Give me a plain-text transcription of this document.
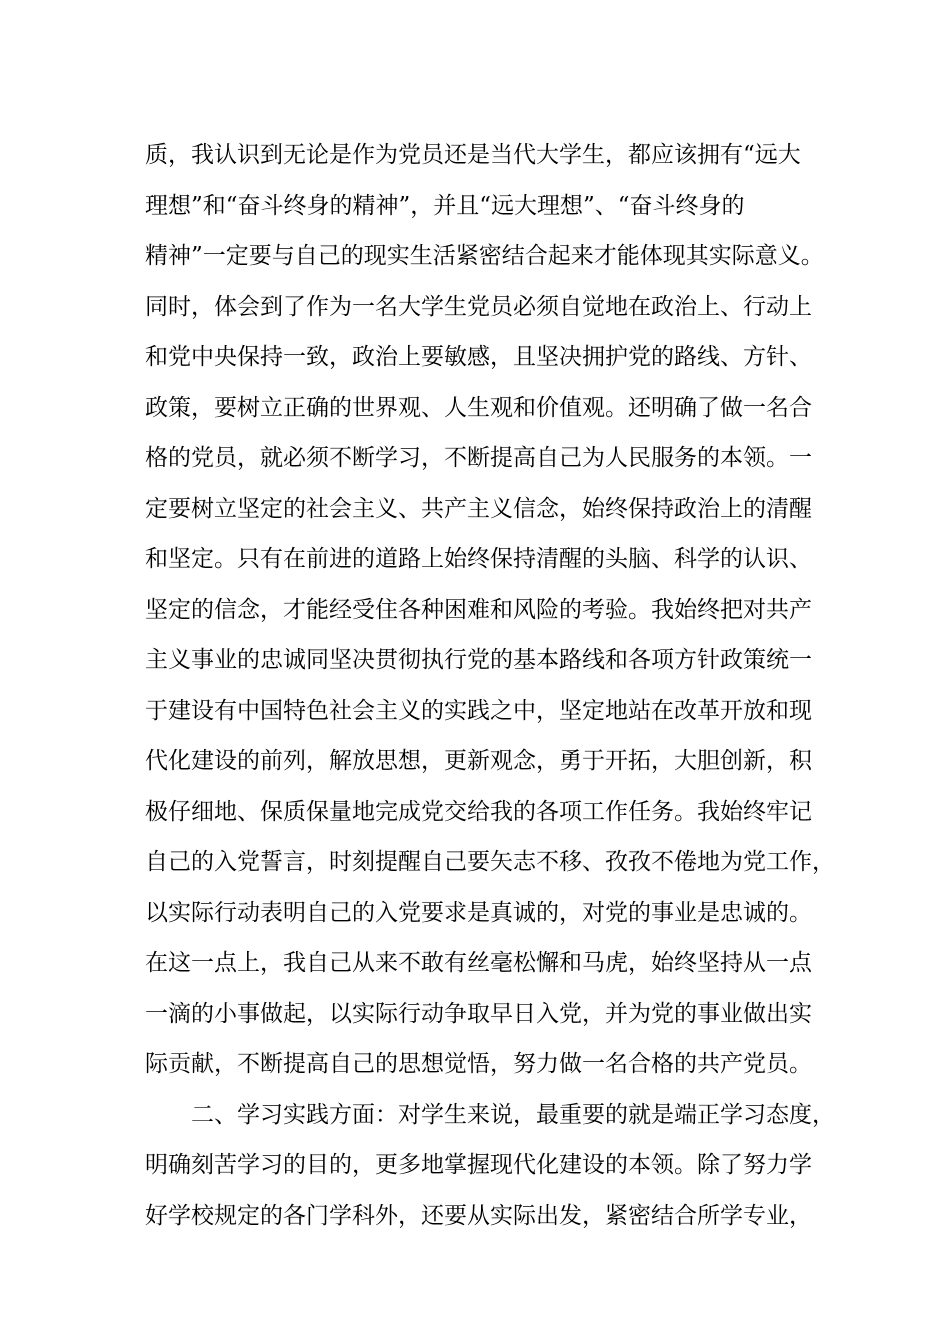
质，我认识到无论是作为党员还是当代大学生，都应该拥有“远大
理想”和“奋斗终身的精神”，并且“远大理想”、“奋斗终身的
精神”一定要与自己的现实生活紧密结合起来才能体现其实际意义。
同时，体会到了作为一名大学生党员必须自觉地在政治上、行动上
和党中央保持一致，政治上要敏感，且坚决拥护党的路线、方针、
政策，要树立正确的世界观、人生观和价值观。还明确了做一名合
格的党员，就必须不断学习，不断提高自己为人民服务的本领。一
定要树立坚定的社会主义、共产主义信念，始终保持政治上的清醒
和坚定。只有在前进的道路上始终保持清醒的头脑、科学的认识、
坚定的信念，才能经受住各种困难和风险的考验。我始终把对共产
主义事业的忠诚同坚决贯彻执行党的基本路线和各项方针政策统一
于建设有中国特色社会主义的实践之中，坚定地站在改革开放和现
代化建设的前列，解放思想，更新观念，勇于开拓，大胆创新，积
极仔细地、保质保量地完成党交给我的各项工作任务。我始终牢记
自己的入党誓言，时刻提醒自己要矢志不移、孜孜不倦地为党工作，
以实际行动表明自己的入党要求是真诚的，对党的事业是忠诚的。
在这一点上，我自己从来不敢有丝毫松懈和马虎，始终坚持从一点
一滴的小事做起，以实际行动争取早日入党，并为党的事业做出实
际贡献，不断提高自己的思想觉悟，努力做一名合格的共产党员。
二、学习实践方面：对学生来说，最重要的就是端正学习态度，
明确刻苦学习的目的，更多地掌握现代化建设的本领。除了努力学
好学校规定的各门学科外，还要从实际出发，紧密结合所学专业，
